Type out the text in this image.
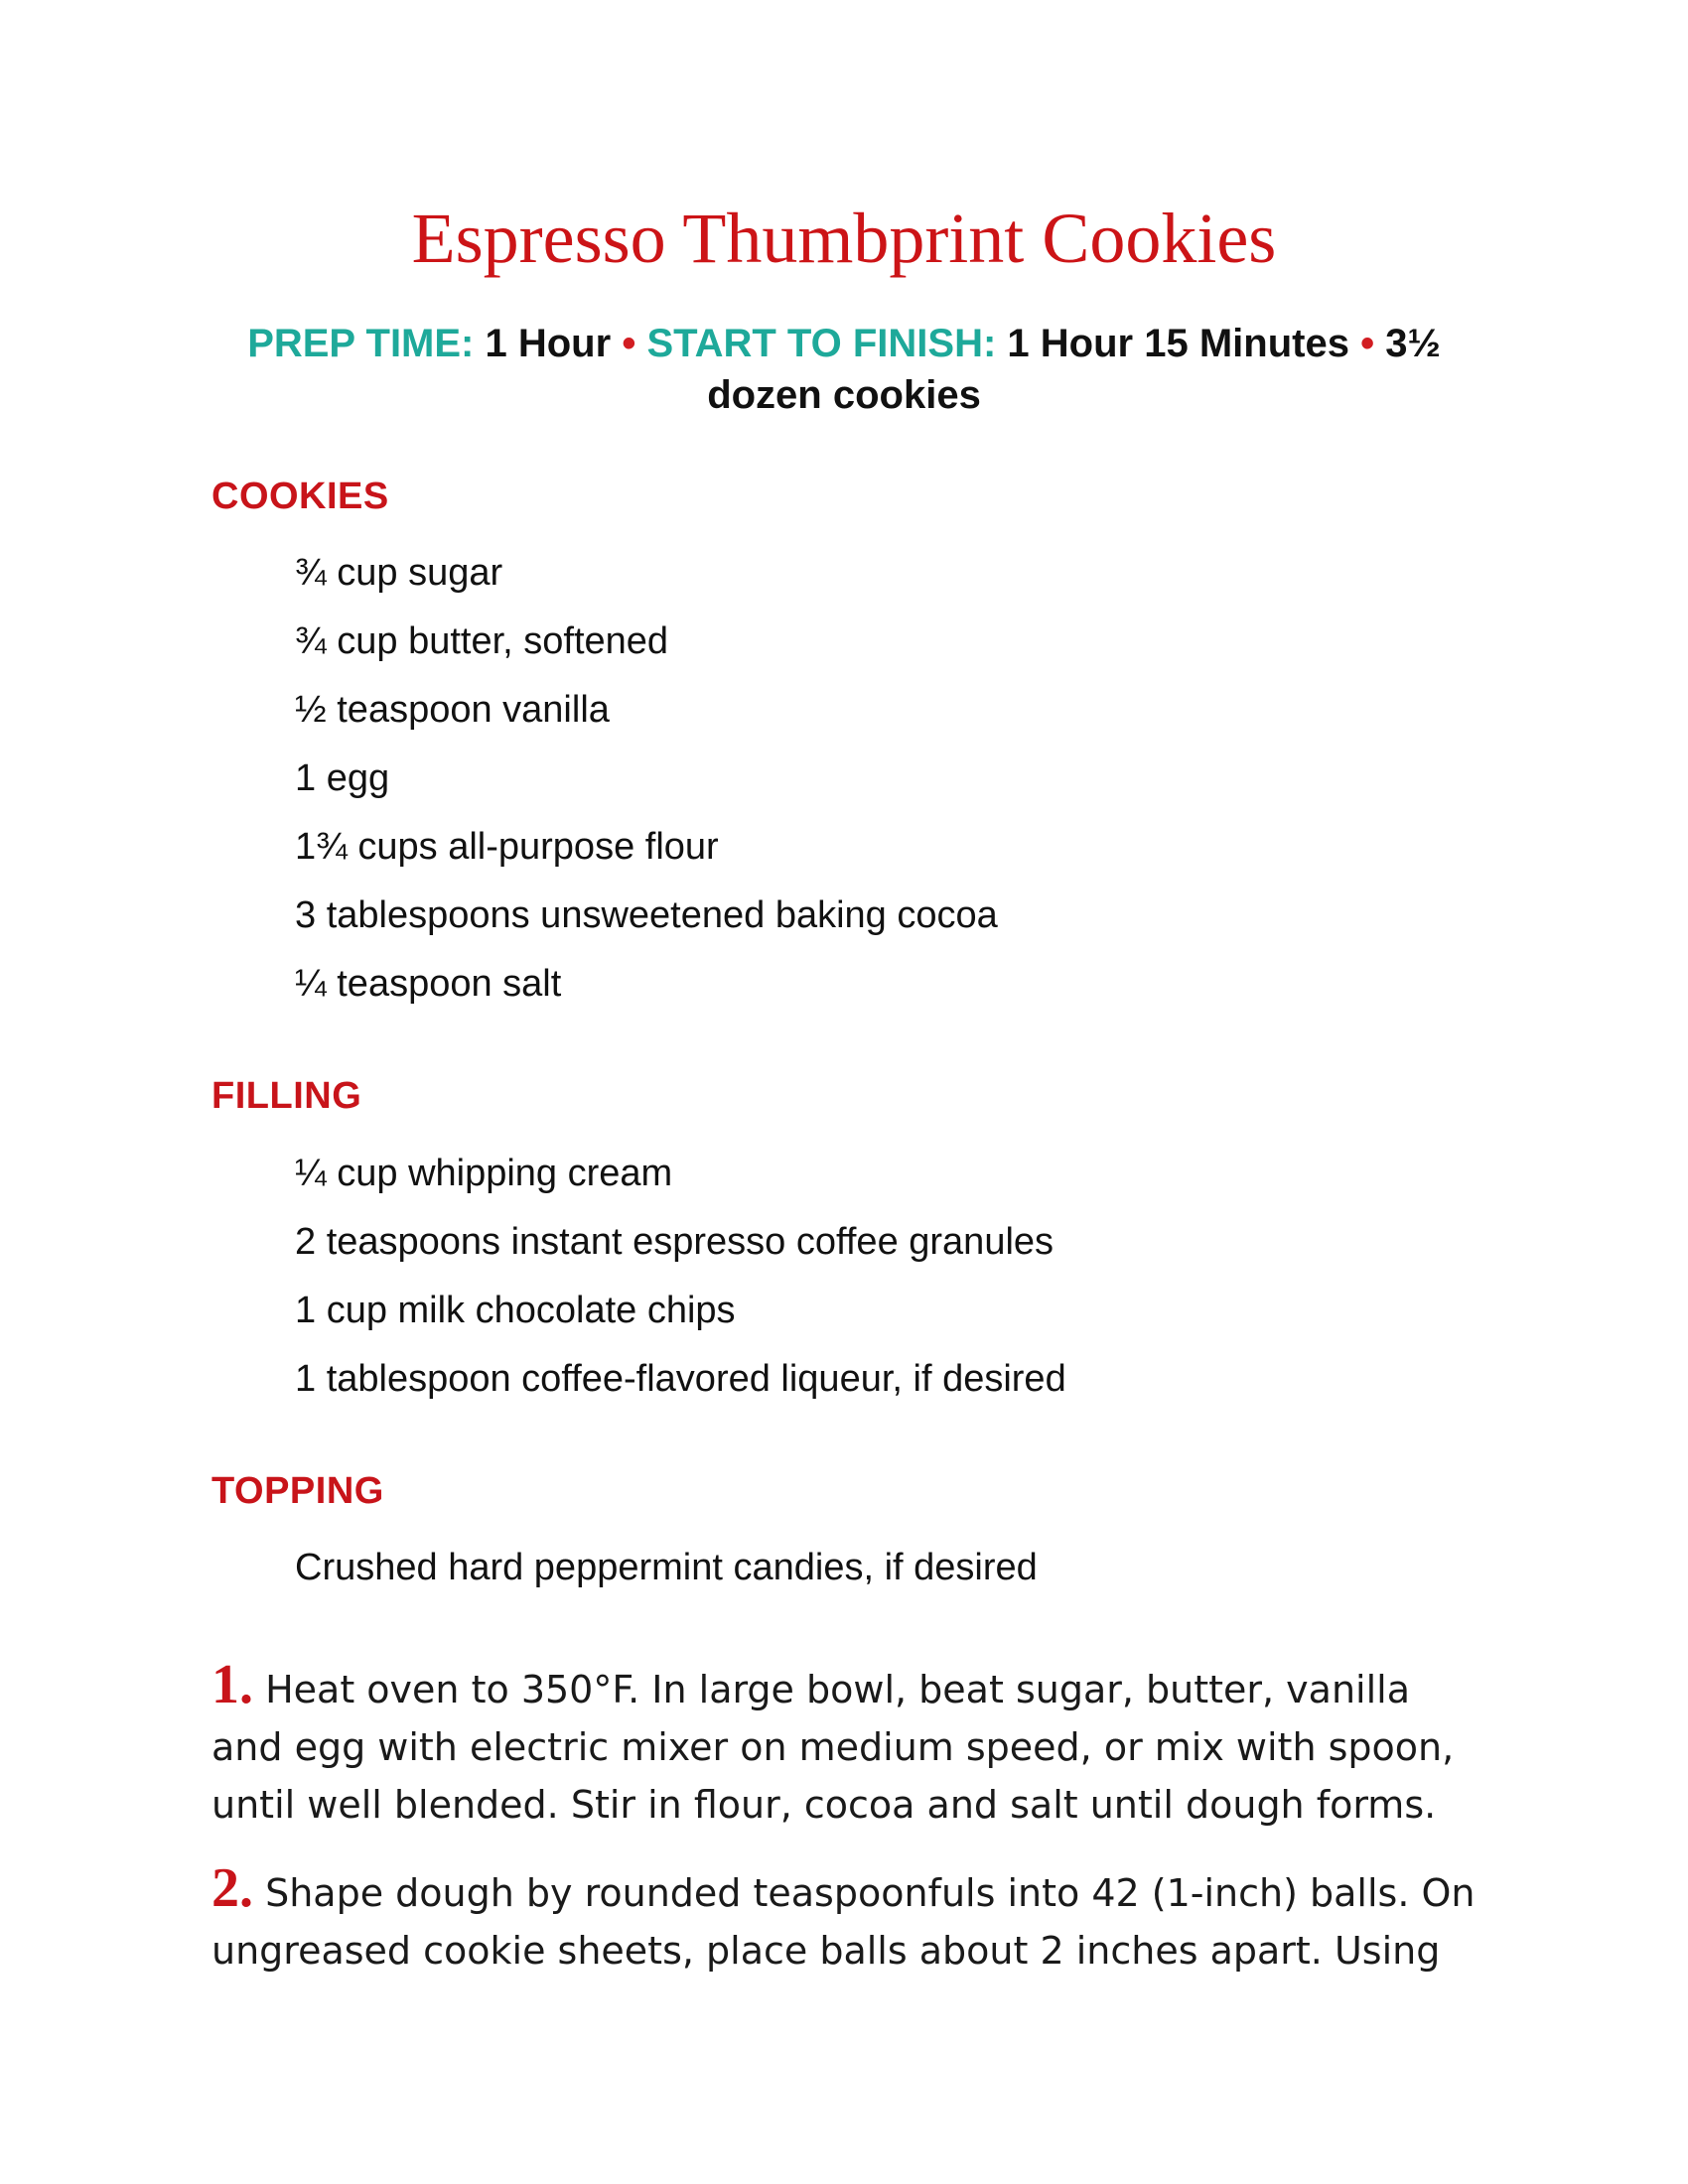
Espresso Thumbprint Cookies
PREP TIME: 1 Hour • START TO FINISH: 1 Hour 15 Minutes • 3½ dozen cookies
COOKIES
¾ cup sugar
¾ cup butter, softened
½ teaspoon vanilla
1 egg
1¾ cups all-purpose flour
3 tablespoons unsweetened baking cocoa
¼ teaspoon salt
FILLING
¼ cup whipping cream
2 teaspoons instant espresso coffee granules
1 cup milk chocolate chips
1 tablespoon coffee-flavored liqueur, if desired
TOPPING
Crushed hard peppermint candies, if desired

1. Heat oven to 350°F. In large bowl, beat sugar, butter, vanilla and egg with electric mixer on medium speed, or mix with spoon, until well blended. Stir in flour, cocoa and salt until dough forms.

2. Shape dough by rounded teaspoonfuls into 42 (1-inch) balls. On ungreased cookie sheets, place balls about 2 inches apart. Using
